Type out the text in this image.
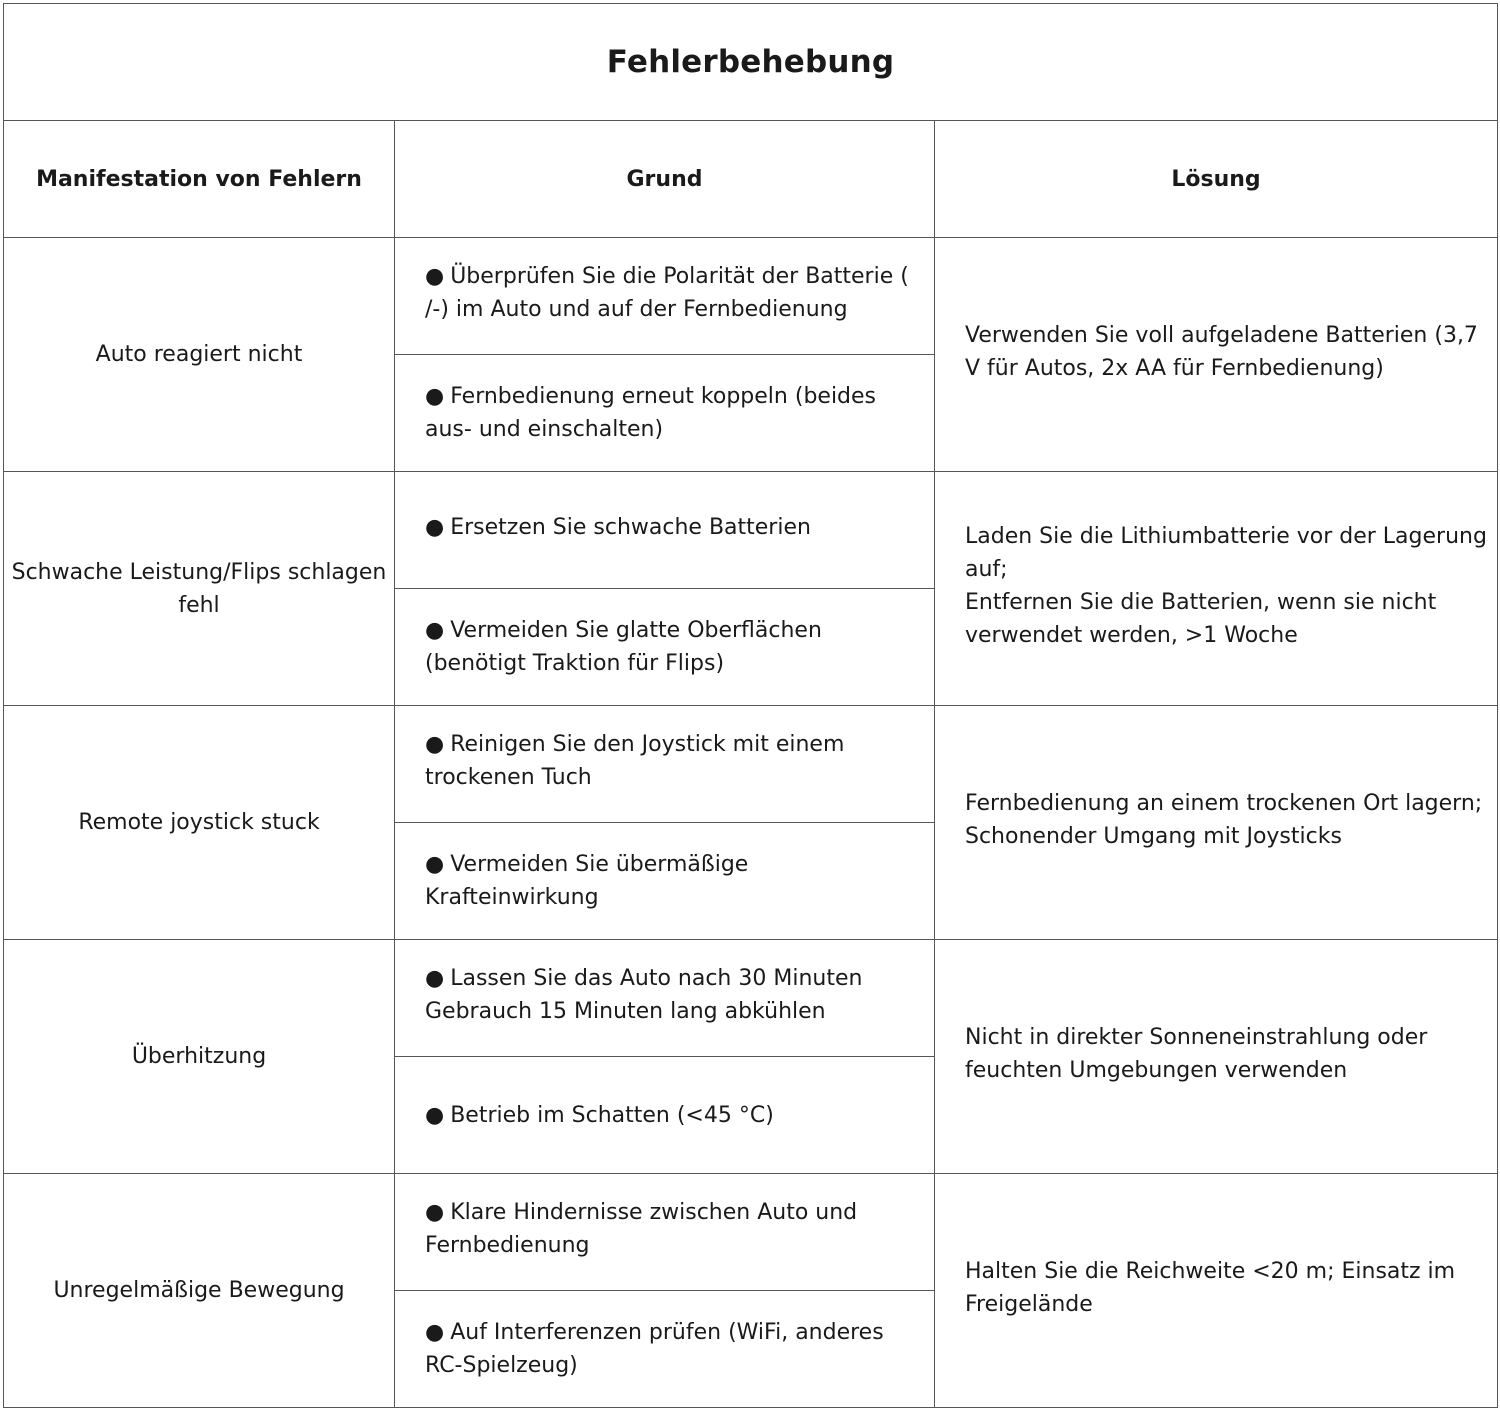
Fehlerbehebung		
Manifestation von Fehlern	Grund	Lösung
Auto reagiert nicht	● Überprüfen Sie die Polarität der Batterie ( /-) im Auto und auf der Fernbedienung	Verwenden Sie voll aufgeladene Batterien (3,7 V für Autos, 2x AA für Fernbedienung)

	● Fernbedienung erneut koppeln (beides aus- und einschalten)	
Schwache Leistung/Flips schlagen fehl	● Ersetzen Sie schwache Batterien	Laden Sie die Lithiumbatterie vor der Lagerung auf;
Entfernen Sie die Batterien, wenn sie nicht verwendet werden, >1 Woche

	● Vermeiden Sie glatte Oberflächen (benötigt Traktion für Flips)	
Remote joystick stuck	● Reinigen Sie den Joystick mit einem trockenen Tuch	Fernbedienung an einem trockenen Ort lagern;
Schonender Umgang mit Joysticks

	● Vermeiden Sie übermäßige Krafteinwirkung	
Überhitzung	● Lassen Sie das Auto nach 30 Minuten Gebrauch 15 Minuten lang abkühlen	Nicht in direkter Sonneneinstrahlung oder feuchten Umgebungen verwenden

	● Betrieb im Schatten (<45 °C)	
Unregelmäßige Bewegung	● Klare Hindernisse zwischen Auto und Fernbedienung	Halten Sie die Reichweite <20 m; Einsatz im Freigelände

	● Auf Interferenzen prüfen (WiFi, anderes RC-Spielzeug)	
